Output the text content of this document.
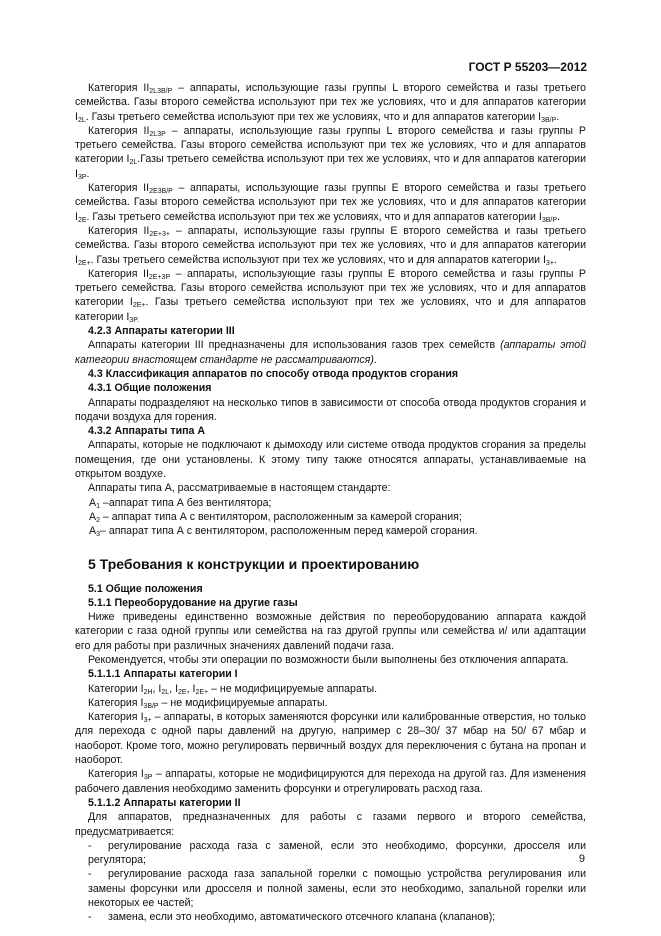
ГОСТ Р 55203—2012

Категория $II_{2L3B/P}$ – аппараты, использующие газы группы L второго семейства и газы третьего семейства. Газы второго семейства используют при тех же условиях, что и для аппаратов категории $I_{2L}$. Газы третьего семейства используют при тех же условиях, что и для аппаратов категории $I_{3B/P}$.

Категория $II_{2L3P}$ – аппараты, использующие газы группы L второго семейства и газы группы Р третьего семейства. Газы второго семейства используют при тех же условиях, что и для аппаратов категории $I_{2L}.Газы$ третьего семейства используют при тех же условиях, что и для аппаратов категории $I_{3P}$.

Категория $II_{2E3B/P}$ – аппараты, использующие газы группы Е второго семейства и газы третьего семейства. Газы второго семейства используют при тех же условиях, что и для аппаратов категории $I_{2E}$. Газы третьего семейства используют при тех же условиях, что и для аппаратов категории $I_{3B/P}$.

Категория $II_{2E+3+}$ – аппараты, использующие газы группы Е второго семейства и газы третьего семейства. Газы второго семейства используют при тех же условиях, что и для аппаратов категории $I_{2E+}$. Газы третьего семейства используют при тех же условиях, что и для аппаратов категории $I_{3+}$.

Категория $II_{2E+3P}$ – аппараты, использующие газы группы Е второго семейства и газы группы Р третьего семейства. Газы второго семейства используют при тех же условиях, что и для аппаратов категории $I_{2E+}$. Газы третьего семейства используют при тех же условиях, что и для аппаратов категории $I_{3P.}$

4.2.3 Аппараты категории III

Аппараты категории III предназначены для использования газов трех семейств (аппараты этой категории внастоящем стандарте не рассматриваются).

4.3 Классификация аппаратов по способу отвода продуктов сгорания

4.3.1 Общие положения

Аппараты подразделяют на несколько типов в зависимости от способа отвода продуктов сгорания и подачи воздуха для горения.

4.3.2 Аппараты типа А

Аппараты, которые не подключают к дымоходу или системе отвода продуктов сгорания за пределы помещения, где они установлены. К этому типу также относятся аппараты, устанавливаемые на открытом воздухе.

Аппараты типа А, рассматриваемые в настоящем стандарте:

$А_1$ –аппарат типа А без вентилятора;

$А_2$ – аппарат типа А с вентилятором, расположенным за камерой сгорания;

$А_3-$ аппарат типа А с вентилятором, расположенным перед камерой сгорания.

5 Требования к конструкции и проектированию

5.1 Общие положения

5.1.1 Переоборудование на другие газы

Ниже приведены единственно возможные действия по переоборудованию аппарата каждой категории с газа одной группы или семейства на газ другой группы или семейства и/ или адаптации его для работы при различных значениях давлений подачи газа.

Рекомендуется, чтобы эти операции по возможности были выполнены без отключения аппарата.

5.1.1.1 Аппараты категории I

Категории $I_{2H}$, $I_{2L}$, $I_{2E}$, $I_{2E+}$ – не модифицируемые аппараты.

Категория $I_{3B/P}$ – не модифицируемые аппараты.

Категория $I_{3+}$ – аппараты, в которых заменяются форсунки или калиброванные отверстия, но только для перехода с одной пары давлений на другую, например с 28–30/ 37 мбар на 50/ 67 мбар и наоборот. Кроме того, можно регулировать первичный воздух для переключения с бутана на пропан и наоборот.

Категория $I_{3P}$ – аппараты, которые не модифицируются для перехода на другой газ. Для изменения рабочего давления необходимо заменить форсунки и отрегулировать расход газа.

5.1.1.2 Аппараты категории II

Для аппаратов, предназначенных для работы с газами первого и второго семейства, предусматривается:

- регулирование расхода газа с заменой, если это необходимо, форсунки, дросселя или регулятора;

- регулирование расхода газа запальной горелки с помощью устройства регулирования или замены форсунки или дросселя и полной замены, если это необходимо, запальной горелки или некоторых ее частей;

- замена, если это необходимо, автоматического отсечного клапана (клапанов);

9
